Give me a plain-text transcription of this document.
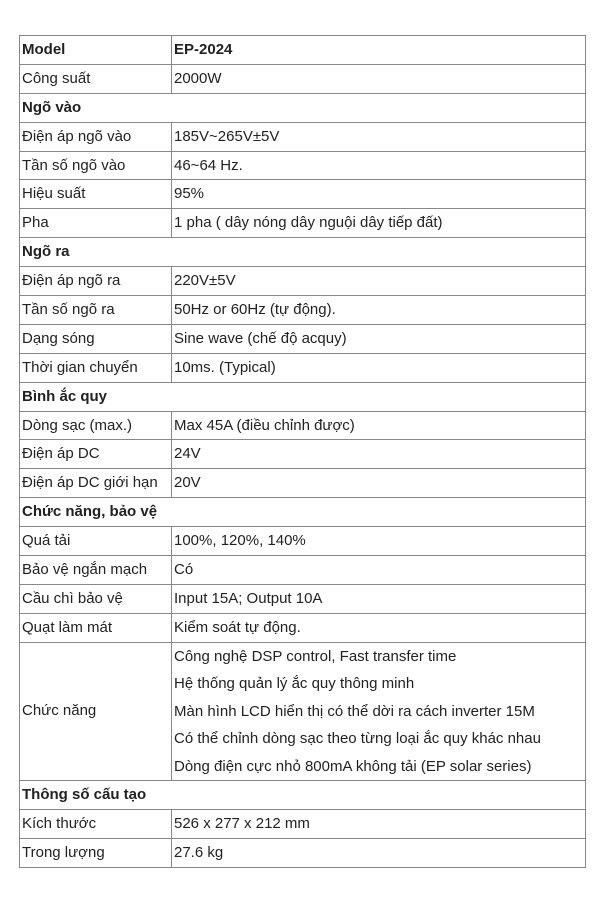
Model	EP-2024
Công suất	2000W
Ngõ vào	
Điện áp ngõ vào	185V~265V±5V
Tần số ngõ vào	46~64 Hz.
Hiệu suất	95%
Pha	1 pha ( dây nóng dây nguội dây tiếp đất)
Ngõ ra	
Điện áp ngõ ra	220V±5V
Tần số ngõ ra	50Hz or 60Hz (tự động).
Dạng sóng	Sine wave (chế độ acquy)
Thời gian chuyển	10ms. (Typical)
Bình ắc quy	
Dòng sạc (max.)	Max 45A (điều chỉnh được)
Điện áp DC	24V
Điện áp DC giới hạn	20V
Chức năng, bảo vệ	
Quá tải	100%, 120%, 140%
Bảo vệ ngắn mạch	Có
Cầu chì bảo vệ	Input 15A; Output 10A
Quạt làm mát	Kiểm soát tự động.
Chức năng	Công nghệ DSP control, Fast transfer time
Hệ thống quản lý ắc quy thông minh
Màn hình LCD hiển thị có thể dời ra cách inverter 15M
Có thể chỉnh dòng sạc theo từng loại ắc quy khác nhau
Dòng điện cực nhỏ 800mA không tải (EP solar series)

Thông số cấu tạo	
Kích thước	526 x 277 x 212 mm
Trong lượng	27.6 kg
